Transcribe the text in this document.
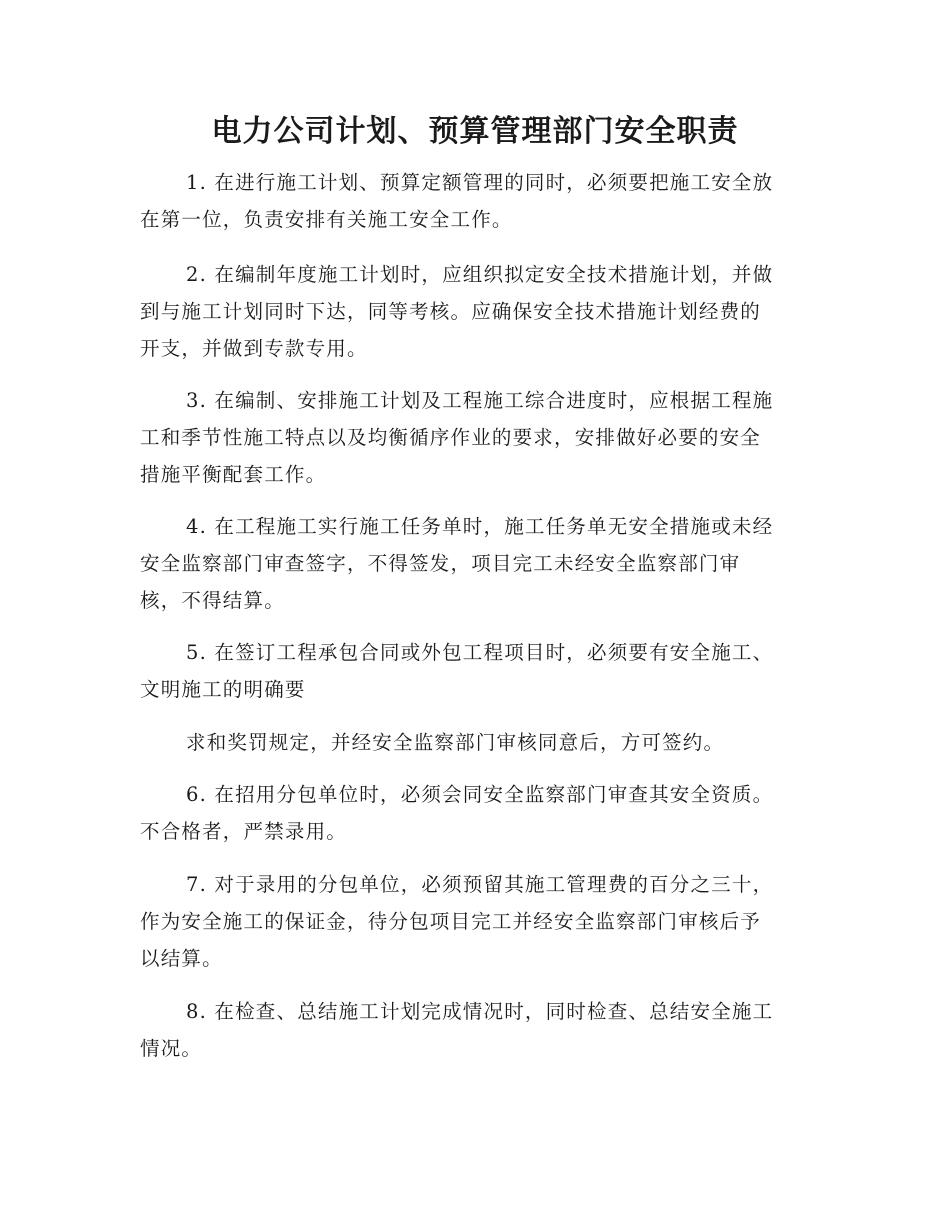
电力公司计划、预算管理部门安全职责

1. 在进行施工计划、预算定额管理的同时，必须要把施工安全放
在第一位，负责安排有关施工安全工作。

2. 在编制年度施工计划时，应组织拟定安全技术措施计划，并做
到与施工计划同时下达，同等考核。应确保安全技术措施计划经费的
开支，并做到专款专用。

3. 在编制、安排施工计划及工程施工综合进度时，应根据工程施
工和季节性施工特点以及均衡循序作业的要求，安排做好必要的安全
措施平衡配套工作。

4. 在工程施工实行施工任务单时，施工任务单无安全措施或未经
安全监察部门审查签字，不得签发，项目完工未经安全监察部门审
核，不得结算。

5. 在签订工程承包合同或外包工程项目时，必须要有安全施工、
文明施工的明确要

求和奖罚规定，并经安全监察部门审核同意后，方可签约。

6. 在招用分包单位时，必须会同安全监察部门审查其安全资质。
不合格者，严禁录用。

7. 对于录用的分包单位，必须预留其施工管理费的百分之三十，
作为安全施工的保证金，待分包项目完工并经安全监察部门审核后予
以结算。

8. 在检查、总结施工计划完成情况时，同时检查、总结安全施工
情况。
